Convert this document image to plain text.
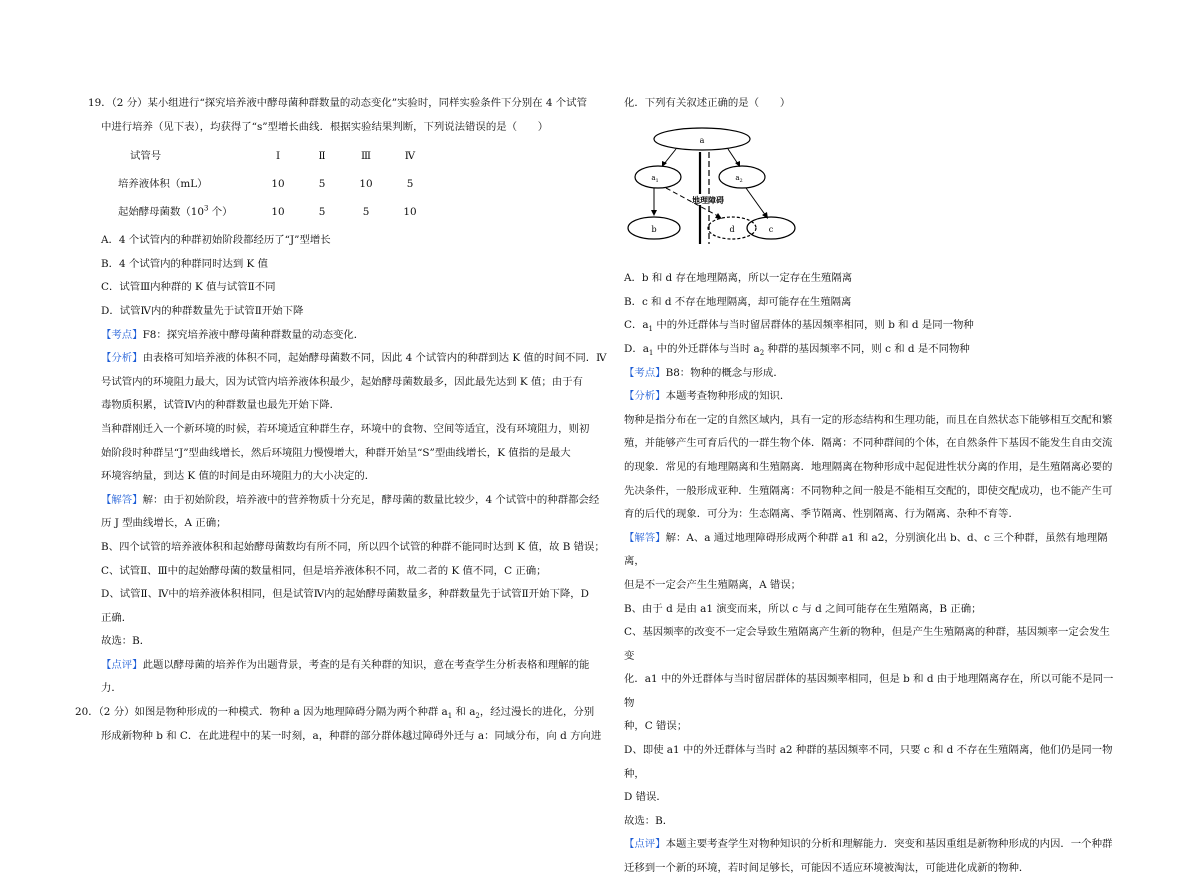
19．（2 分）某小组进行“探究培养液中酵母菌种群数量的动态变化”实验时，同样实验条件下分别在 4 个试管

中进行培养（见下表），均获得了“s”型增长曲线．根据实验结果判断，下列说法错误的是（　　）

试管号	Ⅰ	Ⅱ	Ⅲ	Ⅳ
培养液体积（mL）	10	5	10	5
起始酵母菌数（$10^3$ 个）	10	5	5	10

A．4 个试管内的种群初始阶段都经历了“J”型增长

B．4 个试管内的种群同时达到 K 值

C．试管Ⅲ内种群的 K 值与试管Ⅱ不同

D．试管Ⅳ内的种群数量先于试管Ⅱ开始下降

【考点】F8：探究培养液中酵母菌种群数量的动态变化．

【分析】由表格可知培养液的体积不同，起始酵母菌数不同，因此 4 个试管内的种群到达 K 值的时间不同．Ⅳ

号试管内的环境阻力最大，因为试管内培养液体积最少，起始酵母菌数最多，因此最先达到 K 值；由于有

毒物质积累，试管Ⅳ内的种群数量也最先开始下降．

当种群刚迁入一个新环境的时候，若环境适宜种群生存，环境中的食物、空间等适宜，没有环境阻力，则初

始阶段时种群呈“J”型曲线增长，然后环境阻力慢慢增大，种群开始呈“S”型曲线增长，K 值指的是最大

环境容纳量，到达 K 值的时间是由环境阻力的大小决定的．

【解答】解：由于初始阶段，培养液中的营养物质十分充足，酵母菌的数量比较少，4 个试管中的种群都会经

历 J 型曲线增长，A 正确；

B、四个试管的培养液体积和起始酵母菌数均有所不同，所以四个试管的种群不能同时达到 K 值，故 B 错误；

C、试管Ⅱ、Ⅲ中的起始酵母菌的数量相同，但是培养液体积不同，故二者的 K 值不同，C 正确；

D、试管Ⅱ、Ⅳ中的培养液体积相同，但是试管Ⅳ内的起始酵母菌数量多，种群数量先于试管Ⅱ开始下降，D

正确．

故选：B．

【点评】此题以酵母菌的培养作为出题背景，考查的是有关种群的知识，意在考查学生分析表格和理解的能

力．

20．（2 分）如图是物种形成的一种模式．物种 a 因为地理障碍分隔为两个种群 $a_1$ 和 $a_2$，经过漫长的进化，分别

形成新物种 b 和 C．在此进程中的某一时刻，a，种群的部分群体越过障碍外迁与 a：同域分布，向 d 方向进

化．下列有关叙述正确的是（　　）

a
$a_1$	$a_2$
地理障碍
b	d	c

A．b 和 d 存在地理隔离，所以一定存在生殖隔离

B．c 和 d 不存在地理隔离，却可能存在生殖隔离

C．$a_1$ 中的外迁群体与当时留居群体的基因频率相同，则 b 和 d 是同一物种

D．$a_1$ 中的外迁群体与当时 $a_2$ 种群的基因频率不同，则 c 和 d 是不同物种

【考点】B8：物种的概念与形成．

【分析】本题考查物种形成的知识．

物种是指分布在一定的自然区域内，具有一定的形态结构和生理功能，而且在自然状态下能够相互交配和繁

殖，并能够产生可育后代的一群生物个体．隔离：不同种群间的个体，在自然条件下基因不能发生自由交流

的现象．常见的有地理隔离和生殖隔离．地理隔离在物种形成中起促进性状分离的作用，是生殖隔离必要的

先决条件，一般形成亚种．生殖隔离：不同物种之间一般是不能相互交配的，即使交配成功，也不能产生可

育的后代的现象．可分为：生态隔离、季节隔离、性别隔离、行为隔离、杂种不育等．

【解答】解：A、a 通过地理障碍形成两个种群 a1 和 a2，分别演化出 b、d、c 三个种群，虽然有地理隔离，

但是不一定会产生生殖隔离，A 错误；

B、由于 d 是由 a1 演变而来，所以 c 与 d 之间可能存在生殖隔离，B 正确；

C、基因频率的改变不一定会导致生殖隔离产生新的物种，但是产生生殖隔离的种群，基因频率一定会发生变

化．a1 中的外迁群体与当时留居群体的基因频率相同，但是 b 和 d 由于地理隔离存在，所以可能不是同一物

种，C 错误；

D、即使 a1 中的外迁群体与当时 a2 种群的基因频率不同，只要 c 和 d 不存在生殖隔离，他们仍是同一物种，

D 错误．

故选：B．

【点评】本题主要考查学生对物种知识的分析和理解能力．突变和基因重组是新物种形成的内因．一个种群

迁移到一个新的环境，若时间足够长，可能因不适应环境被淘汰，可能进化成新的物种．
